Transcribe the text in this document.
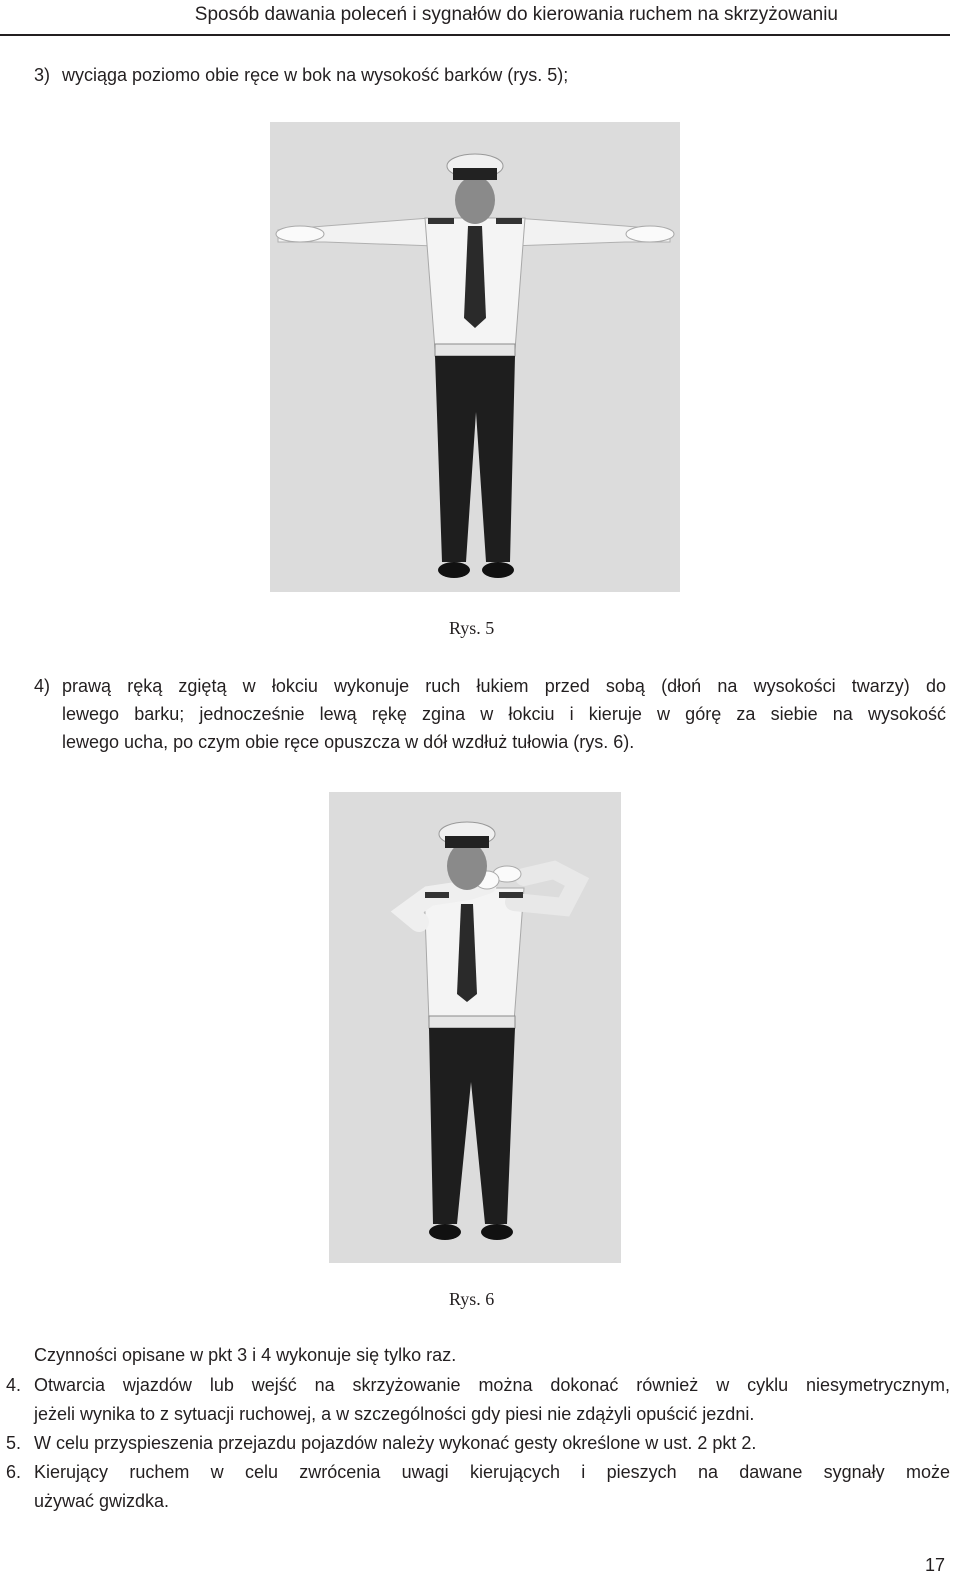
Sposób dawania poleceń i sygnałów do kierowania ruchem na skrzyżowaniu
3) wyciąga poziomo obie ręce w bok na wysokość barków (rys. 5);
Rys. 5
4) prawą ręką zgiętą w łokciu wykonuje ruch łukiem przed sobą (dłoń na wysokości twarzy) do
lewego barku; jednocześnie lewą rękę zgina w łokciu i kieruje w górę za siebie na wysokość
lewego ucha, po czym obie ręce opuszcza w dół wzdłuż tułowia (rys. 6).
Rys. 6
Czynności opisane w pkt 3 i 4 wykonuje się tylko raz.
4. Otwarcia wjazdów lub wejść na skrzyżowanie można dokonać również w cyklu niesymetrycznym,
jeżeli wynika to z sytuacji ruchowej, a w szczególności gdy piesi nie zdążyli opuścić jezdni.
5. W celu przyspieszenia przejazdu pojazdów należy wykonać gesty określone w ust. 2 pkt 2.
6. Kierujący ruchem w celu zwrócenia uwagi kierujących i pieszych na dawane sygnały może
używać gwizdka.
17
